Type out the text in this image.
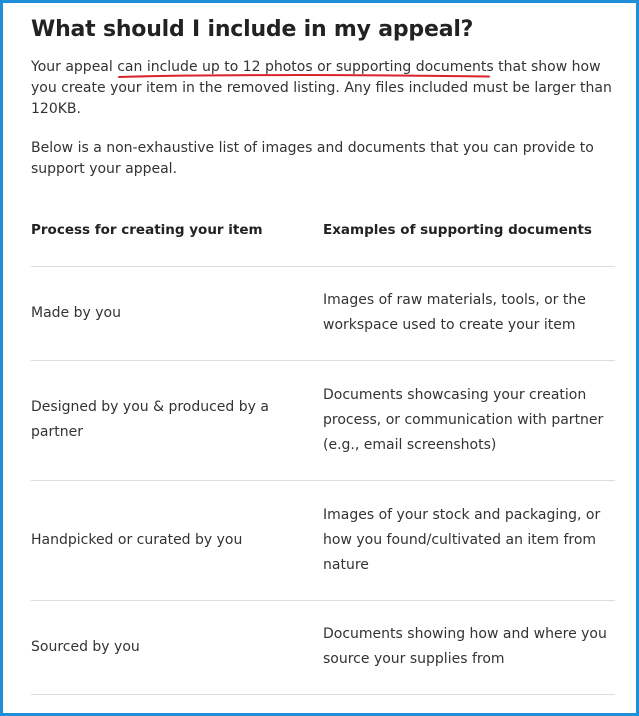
What should I include in my appeal?

Your appeal can include up to 12 photos or supporting documents that show how you create your item in the removed listing. Any files included must be larger than 120KB.

Below is a non-exhaustive list of images and documents that you can provide to support your appeal.

Process for creating your item	Examples of supporting documents
Made by you
Images of raw materials, tools, or the workspace used to create your item
Designed by you & produced by a partner
Documents showcasing your creation process, or communication with partner (e.g., email screenshots)
Handpicked or curated by you
Images of your stock and packaging, or how you found/cultivated an item from nature
Sourced by you
Documents showing how and where you source your supplies from
